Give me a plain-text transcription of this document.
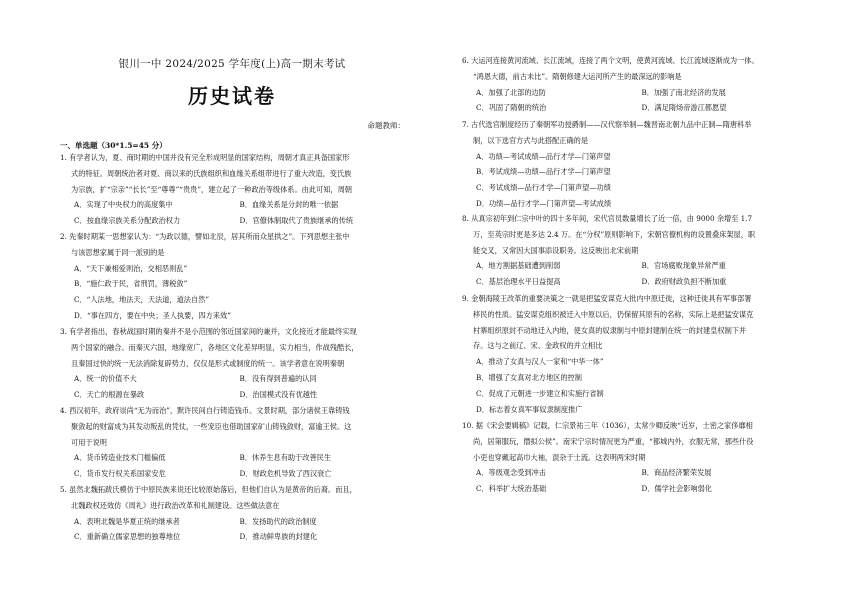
银川一中 2024/2025 学年度(上)高一期末考试
历史试卷
命题教师：
一、单选题（30*1.5=45 分）

1. 有学者认为，夏、商时期的中国并没有完全形成明显的国家结构，周朝才真正具备国家形

式的特征。周朝统治者对夏、商以来的氏族组织和血缘关系组带进行了重大改造，变氏族

为宗族，扩“宗亲”“长长”至“尊尊”“贵贵”，建立起了一种政治等级体系。由此可知，周朝

A．实现了中央权力的高度集中	B．血缘关系是分封的唯一依据
C．按血缘宗族关系分配政治权力	D．官僚体制取代了贵族继承的传统

2. 先秦时期某一思想家认为：“为政以德，譬如北辰，居其所而众星拱之”。下列思想主张中

与该思想家属于同一派别的是

A．“天下兼相爱则治，交相恶则乱”

B．“施仁政于民，省刑罚，薄税敛”

C．“人法地，地法天，天法道，道法自然”

D．“事在四方，要在中央；圣人执要，四方来效”

3. 有学者指出，春秋战国时期的秦并不是小范围的邻近国家间的兼并，文化接近才能最终实现

两个国家的融合。而秦灭六国，地缘宽广，各地区文化差异明显，实力相当，作战残酷长，

且秦国过快的统一无法消除复辟势力，仅仅是形式或制度的统一。该学者意在说明秦朝

A．统一的价值不大	B．没有得到普遍的认同
C．天亡的根源在暴政	D．治国模式没有优越性

4. 西汉初年，政府崇尚“无为而治”，默许民间自行铸造钱币。文景时期，部分诸侯王靠铸钱

聚敛起的财富成为其发动叛乱的凭仗，一些宠臣也借助国家矿山铸钱敛财，富逾王侯。这

可用于说明

A．货币铸造业技术门槛偏低	B．休养生息有助于改善民生
C．货币发行权关系国家安危	D．财政危机导致了西汉衰亡

5. 虽然北魏拓跋氏模仿于中原民族来说还比较原始落后，但他们自认为是黄帝的后裔。而且，

北魏政权还效仿《周礼》进行政治改革和礼制建设。这些做法意在

A．表明北魏是华夏正统的继承者	B．发扬助代的政治制度
C．重新确立儒家思想的独尊地位	D．推动鲜卑族的封建化

6. 大运河连接黄河流域、长江流域，连接了两个文明，使黄河流域、长江流域逐渐成为一体。

“鸿恩大德，前古未比”。隋朝修建大运河所产生的最深远的影响是

A．加强了北部的边防	B．加强了南北经济的发展
C．巩固了隋朝的统治	D．满足隋炀帝游江都愿望

7. 古代选官制度经历了秦朝军功授爵制——汉代察举制—魏晋南北朝九品中正制—隋唐科举

制，以下选官方式与此搭配正确的是

A．功绩—考试成绩—品行才学—门第声望

B．考试成绩—功绩—品行才学—门第声望

C．考试成绩—品行才学—门第声望—功绩

D．功绩—品行才学—门第声望—考试成绩

8. 从真宗初年到仁宗中叶的四十多年间，宋代官员数量增长了近一倍，由 9000 余增至 1.7

万，至英宗时更是多达 2.4 万。在“分权”原则影响下，宋朝官僚机构的设置叠床架屋，职

能交叉，又常因大国事添设职务。这反映出北宋前期

A．地方割据基础遭到削弱	B．官场腐败现象异常严重
C．基层治理水平日益提高	D．政府财政负担不断加重

9. 金朝海陵王改革的重要决策之一就是把猛安谋克大批内中原迁徙，这种迁徙具有军事部署

移民的性质。猛安谋克组织被迁入中原以后，仍保留其原有的名称，实际上是把猛安谋克

村寨组织原封不动地迁入内地，使女真的奴隶制与中原封建制在统一的封建皇权制下并

存。这与之前辽、宋、金政权的并立相比

A．推动了女真与汉人一家和“中华一体”

B．增强了女真对北方地区的控制

C．促成了元朝进一步建立和实施行省制

D．标志着女真军事奴隶制度推广

10. 据《宋会要辑稿》记载，仁宗景祐三年（1036），太常少卿反映“近岁，士密之家侈靡相

尚，居第服玩，僭拟公侯”。南宋宁宗时情况更为严重，“都城内外，衣服无常，那些什役

小吏也穿戴起高巾大袖，混杂于士流。这表明两宋时期

A．等级观念受到冲击	B．商品经济繁荣发展
C．科举扩大统治基础	D．儒学社会影响弱化
